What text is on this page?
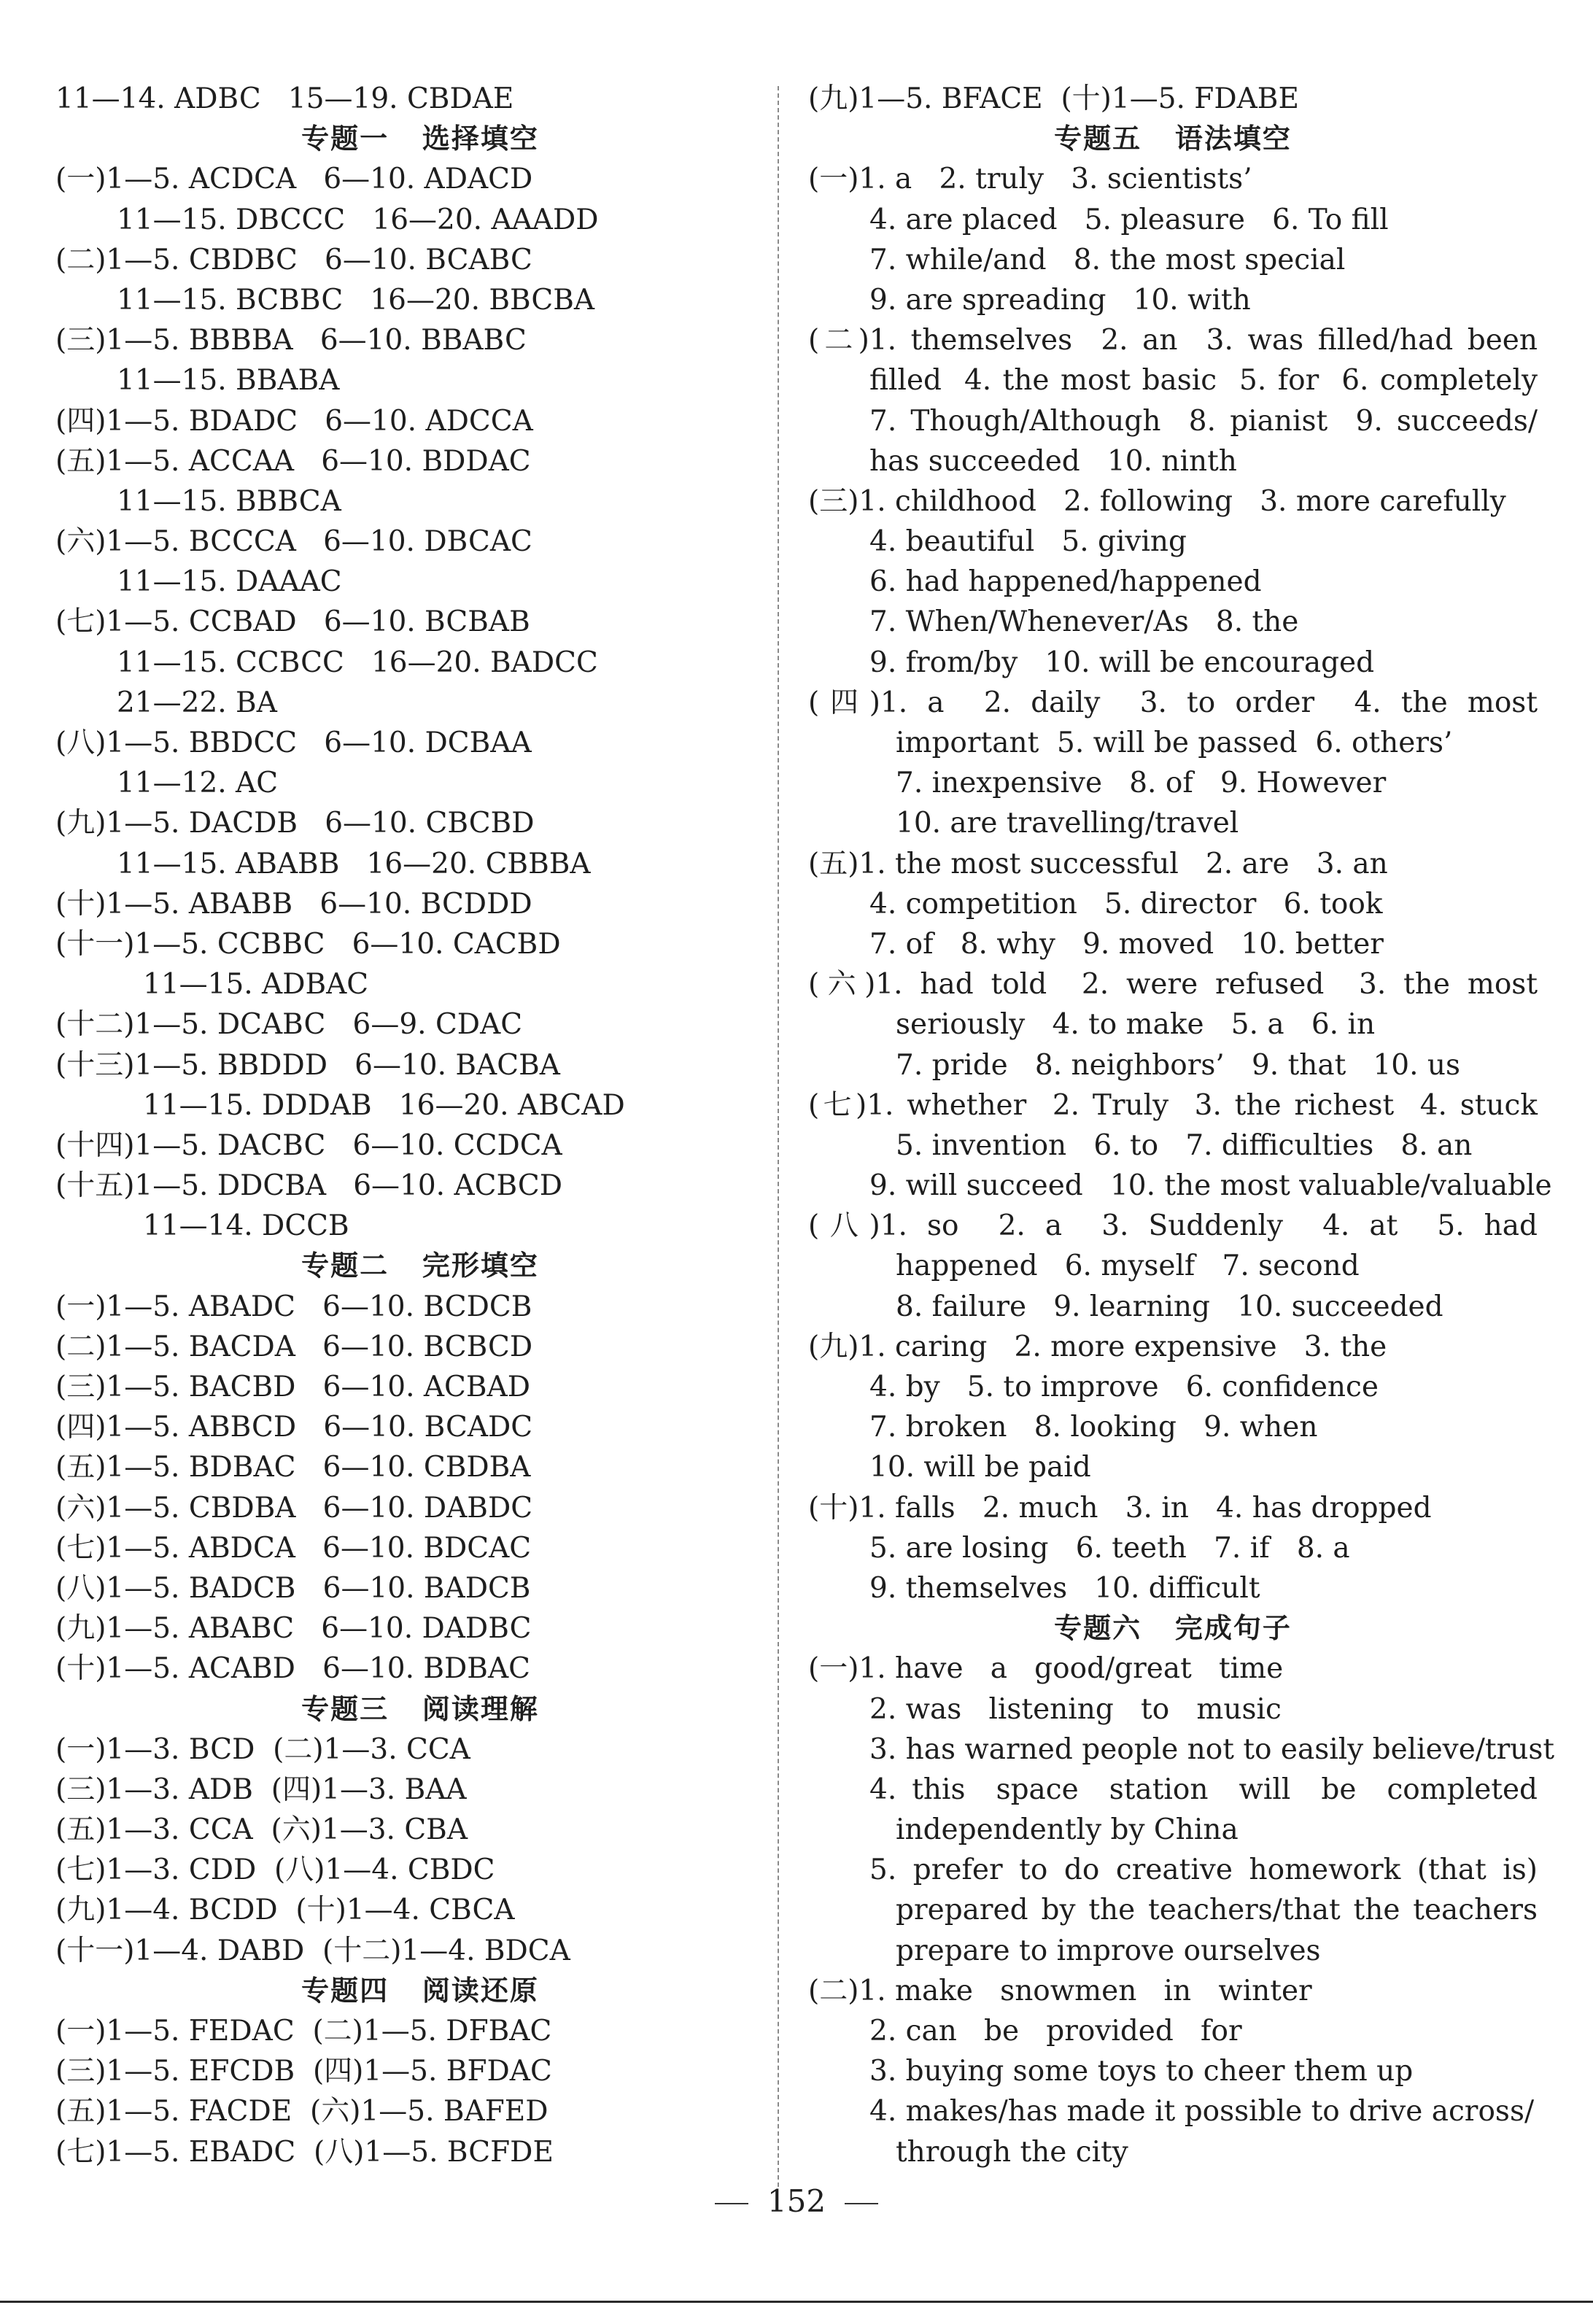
11—14. ADBC   15—19. CBDAE
专题一   选择填空
(一)1—5. ACDCA   6—10. ADACD
11—15. DBCCC   16—20. AAADD
(二)1—5. CBDBC   6—10. BCABC
11—15. BCBBC   16—20. BBCBA
(三)1—5. BBBBA   6—10. BBABC
11—15. BBABA
(四)1—5. BDADC   6—10. ADCCA
(五)1—5. ACCAA   6—10. BDDAC
11—15. BBBCA
(六)1—5. BCCCA   6—10. DBCAC
11—15. DAAAC
(七)1—5. CCBAD   6—10. BCBAB
11—15. CCBCC   16—20. BADCC
21—22. BA
(八)1—5. BBDCC   6—10. DCBAA
11—12. AC
(九)1—5. DACDB   6—10. CBCBD
11—15. ABABB   16—20. CBBBA
(十)1—5. ABABB   6—10. BCDDD
(十一)1—5. CCBBC   6—10. CACBD
11—15. ADBAC
(十二)1—5. DCABC   6—9. CDAC
(十三)1—5. BBDDD   6—10. BACBA
11—15. DDDAB   16—20. ABCAD
(十四)1—5. DACBC   6—10. CCDCA
(十五)1—5. DDCBA   6—10. ACBCD
11—14. DCCB
专题二   完形填空
(一)1—5. ABADC   6—10. BCDCB
(二)1—5. BACDA   6—10. BCBCD
(三)1—5. BACBD   6—10. ACBAD
(四)1—5. ABBCD   6—10. BCADC
(五)1—5. BDBAC   6—10. CBDBA
(六)1—5. CBDBA   6—10. DABDC
(七)1—5. ABDCA   6—10. BDCAC
(八)1—5. BADCB   6—10. BADCB
(九)1—5. ABABC   6—10. DADBC
(十)1—5. ACABD   6—10. BDBAC
专题三   阅读理解
(一)1—3. BCD  (二)1—3. CCA
(三)1—3. ADB  (四)1—3. BAA
(五)1—3. CCA  (六)1—3. CBA
(七)1—3. CDD  (八)1—4. CBDC
(九)1—4. BCDD  (十)1—4. CBCA
(十一)1—4. DABD  (十二)1—4. BDCA
专题四   阅读还原
(一)1—5. FEDAC  (二)1—5. DFBAC
(三)1—5. EFCDB  (四)1—5. BFDAC
(五)1—5. FACDE  (六)1—5. BAFED
(七)1—5. EBADC  (八)1—5. BCFDE
(九)1—5. BFACE  (十)1—5. FDABE
专题五   语法填空
(一)1. a   2. truly   3. scientists’
4. are placed   5. pleasure   6. To fill
7. while/and   8. the most special
9. are spreading   10. with
(二)1. themselves  2. an  3. was filled/had been
filled  4. the most basic  5. for  6. completely
7. Though/Although  8. pianist  9. succeeds/
has succeeded   10. ninth
(三)1. childhood   2. following   3. more carefully
4. beautiful   5. giving
6. had happened/happened
7. When/Whenever/As   8. the
9. from/by   10. will be encouraged
(四)1. a  2. daily  3. to order  4. the most
important  5. will be passed  6. others’
7. inexpensive   8. of   9. However
10. are travelling/travel
(五)1. the most successful   2. are   3. an
4. competition   5. director   6. took
7. of   8. why   9. moved   10. better
(六)1. had told  2. were refused  3. the most
seriously   4. to make   5. a   6. in
7. pride   8. neighbors’   9. that   10. us
(七)1. whether  2. Truly  3. the richest  4. stuck
5. invention   6. to   7. difficulties   8. an
9. will succeed   10. the most valuable/valuable
(八)1. so  2. a  3. Suddenly  4. at  5. had
happened   6. myself   7. second
8. failure   9. learning   10. succeeded
(九)1. caring   2. more expensive   3. the
4. by   5. to improve   6. confidence
7. broken   8. looking   9. when
10. will be paid
(十)1. falls   2. much   3. in   4. has dropped
5. are losing   6. teeth   7. if   8. a
9. themselves   10. difficult
专题六   完成句子
(一)1. have   a   good/great   time
2. was   listening   to   music
3. has warned people not to easily believe/trust
4. this  space  station  will  be  completed
independently by China
5. prefer to do creative homework (that is)
prepared by the teachers/that the teachers
prepare to improve ourselves
(二)1. make   snowmen   in   winter
2. can   be   provided   for
3. buying some toys to cheer them up
4. makes/has made it possible to drive across/
through the city
152
